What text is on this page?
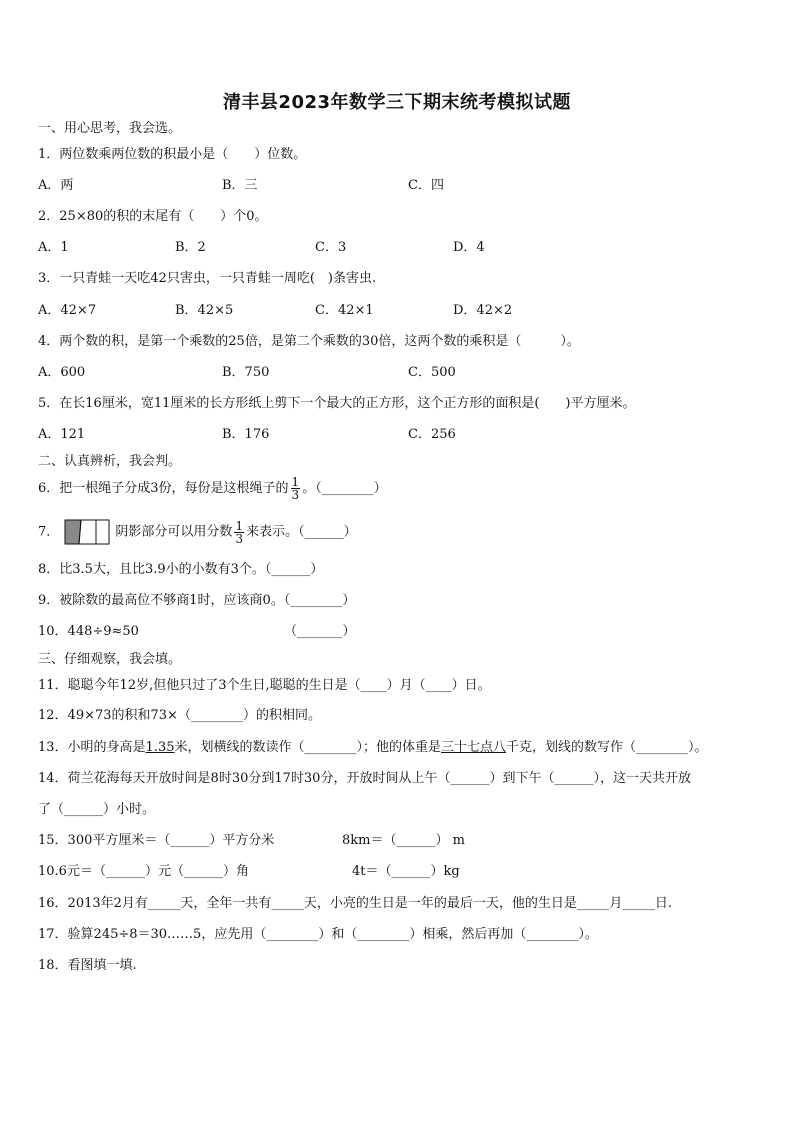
清丰县2023年数学三下期末统考模拟试题
一、用心思考，我会选。
1．两位数乘两位数的积最小是（　　）位数。
A．两	B．三	C．四
2．25×80的积的末尾有（　　）个0。
A．1	B．2	C．3	D．4
3．一只青蛙一天吃42只害虫，一只青蛙一周吃(　)条害虫.
A．42×7	B．42×5	C．42×1	D．42×2
4．两个数的积，是第一个乘数的25倍，是第二个乘数的30倍，这两个数的乘积是（　　　）。
A．600	B．750	C．500
5．在长16厘米，宽11厘米的长方形纸上剪下一个最大的正方形，这个正方形的面积是(　　)平方厘米。
A．121	B．176	C．256
二、认真辨析，我会判。
6．把一根绳子分成3份，每份是这根绳子的 $\frac{1}{3}$ 。（________）
7．	阴影部分可以用分数 $\frac{1}{3}$ 来表示。（______）
8．比3.5大，且比3.9小的小数有3个。（______）
9．被除数的最高位不够商1时，应该商0。（________）
10．448÷9≈50	（_______）
三、仔细观察，我会填。
11．聪聪今年12岁,但他只过了3个生日,聪聪的生日是（____）月（____）日。
12．49×73的积和73×（________）的积相同。
13．小明的身高是1.35米，划横线的数读作（________）；他的体重是三十七点八千克，划线的数写作（________）。
14．荷兰花海每天开放时间是8时30分到17时30分，开放时间从上午（______）到下午（______），这一天共开放
了（______）小时。
15．300平方厘米＝（______）平方分米	8km＝（______） m
10.6元＝（______）元（______）角	4t＝（______）kg
16．2013年2月有_____天，全年一共有_____天，小亮的生日是一年的最后一天，他的生日是_____月_____日.
17．验算245÷8＝30……5，应先用（________）和（________）相乘，然后再加（________）。
18．看图填一填.
